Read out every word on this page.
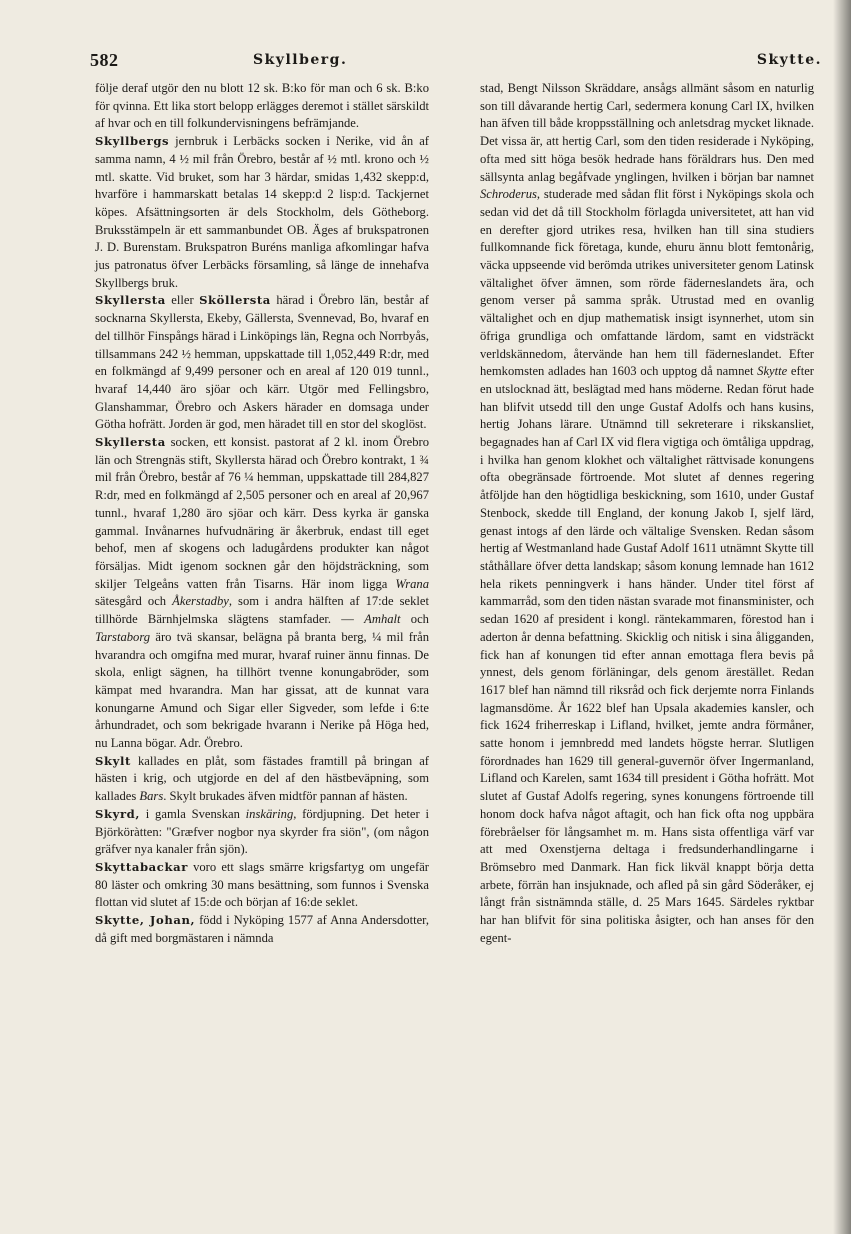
582	Skyllberg.	Skytte.

följe deraf utgör den nu blott 12 sk. B:ko för man och 6 sk. B:ko för qvinna. Ett lika stort belopp erlägges deremot i stället särskildt af hvar och en till folkundervisningens befrämjande.

Skyllbergs jernbruk i Lerbäcks socken i Nerike, vid ån af samma namn, 4 ½ mil från Örebro, består af ½ mtl. krono och ½ mtl. skatte. Vid bruket, som har 3 härdar, smidas 1,432 skepp:d, hvarföre i hammarskatt betalas 14 skepp:d 2 lisp:d. Tackjernet köpes. Afsättningsorten är dels Stockholm, dels Götheborg. Bruksstämpeln är ett sammanbundet OB. Äges af brukspatronen J. D. Burenstam. Brukspatron Buréns manliga afkomlingar hafva jus patronatus öfver Lerbäcks församling, så länge de innehafva Skyllbergs bruk.

Skyllersta eller Sköllersta härad i Örebro län, består af socknarna Skyllersta, Ekeby, Gällersta, Svennevad, Bo, hvaraf en del tillhör Finspångs härad i Linköpings län, Regna och Norrbyås, tillsammans 242 ½ hemman, uppskattade till 1,052,449 R:dr, med en folkmängd af 9,499 personer och en areal af 120 019 tunnl., hvaraf 14,440 äro sjöar och kärr. Utgör med Fellingsbro, Glanshammar, Örebro och Askers härader en domsaga under Götha hofrätt. Jorden är god, men häradet till en stor del skoglöst.

Skyllersta socken, ett konsist. pastorat af 2 kl. inom Örebro län och Strengnäs stift, Skyllersta härad och Örebro kontrakt, 1 ¾ mil från Örebro, består af 76 ¼ hemman, uppskattade till 284,827 R:dr, med en folkmängd af 2,505 personer och en areal af 20,967 tunnl., hvaraf 1,280 äro sjöar och kärr. Dess kyrka är ganska gammal. Invånarnes hufvudnäring är åkerbruk, endast till eget behof, men af skogens och ladugårdens produkter kan något försäljas. Midt igenom socknen går den höjdsträckning, som skiljer Telgeåns vatten från Tisarns. Här inom ligga Wrana sätesgård och Åkerstadby, som i andra hälften af 17:de seklet tillhörde Bärnhjelmska slägtens stamfader. — Amhalt och Tarstaborg äro tvä skansar, belägna på branta berg, ¼ mil från hvarandra och omgifna med murar, hvaraf ruiner ännu finnas. De skola, enligt sägnen, ha tillhört tvenne konungabröder, som kämpat med hvarandra. Man har gissat, att de kunnat vara konungarne Amund och Sigar eller Sigveder, som lefde i 6:te århundradet, och som bekrigade hvarann i Nerike på Höga hed, nu Lanna bögar. Adr. Örebro.

Skylt kallades en plåt, som fästades framtill på bringan af hästen i krig, och utgjorde en del af den hästbeväpning, som kallades Bars. Skylt brukades äfven midtför pannan af hästen.

Skyrd, i gamla Svenskan inskäring, fördjupning. Det heter i Björköràtten: "Græfver nogbor nya skyrder fra siön", (om någon gräfver nya kanaler från sjön).

Skyttabackar voro ett slags smärre krigsfartyg om ungefär 80 läster och omkring 30 mans besättning, som funnos i Svenska flottan vid slutet af 15:de och början af 16:de seklet.

Skytte, Johan, född i Nyköping 1577 af Anna Andersdotter, då gift med borgmästaren i nämnda

stad, Bengt Nilsson Skräddare, ansågs allmänt såsom en naturlig son till dåvarande hertig Carl, sedermera konung Carl IX, hvilken han äfven till både kroppsställning och anletsdrag mycket liknade. Det vissa är, att hertig Carl, som den tiden residerade i Nyköping, ofta med sitt höga besök hedrade hans föräldrars hus. Den med sällsynta anlag begåfvade ynglingen, hvilken i början bar namnet Schroderus, studerade med sådan flit först i Nyköpings skola och sedan vid det då till Stockholm förlagda universitetet, att han vid en derefter gjord utrikes resa, hvilken han till sina studiers fullkomnande fick företaga, kunde, ehuru ännu blott femtonårig, väcka uppseende vid berömda utrikes universiteter genom Latinsk vältalighet öfver ämnen, som rörde fäderneslandets ära, och genom verser på samma språk. Utrustad med en ovanlig vältalighet och en djup mathematisk insigt isynnerhet, utom sin öfriga grundliga och omfattande lärdom, samt en vidsträckt verldskännedom, återvände han hem till fäderneslandet. Efter hemkomsten adlades han 1603 och upptog då namnet Skytte efter en utslocknad ätt, beslägtad med hans möderne. Redan förut hade han blifvit utsedd till den unge Gustaf Adolfs och hans kusins, hertig Johans lärare. Utnämnd till sekreterare i rikskansliet, begagnades han af Carl IX vid flera vigtiga och ömtåliga uppdrag, i hvilka han genom klokhet och vältalighet rättvisade konungens ofta obegränsade förtroende. Mot slutet af dennes regering åtföljde han den högtidliga beskickning, som 1610, under Gustaf Stenbock, skedde till England, der konung Jakob I, sjelf lärd, genast intogs af den lärde och vältalige Svensken. Redan såsom hertig af Westmanland hade Gustaf Adolf 1611 utnämnt Skytte till ståthållare öfver detta landskap; såsom konung lemnade han 1612 hela rikets penningverk i hans händer. Under titel först af kammarråd, som den tiden nästan svarade mot finansminister, och sedan 1620 af president i kongl. räntekammaren, förestod han i aderton år denna befattning. Skicklig och nitisk i sina åligganden, fick han af konungen tid efter annan emottaga flera bevis på ynnest, dels genom förläningar, dels genom ärestället. Redan 1617 blef han nämnd till riksråd och fick derjemte norra Finlands lagmansdöme. År 1622 blef han Upsala akademies kansler, och fick 1624 friherreskap i Lifland, hvilket, jemte andra förmåner, satte honom i jemnbredd med landets högste herrar. Slutligen förordnades han 1629 till general-guvernör öfver Ingermanland, Lifland och Karelen, samt 1634 till president i Götha hofrätt. Mot slutet af Gustaf Adolfs regering, synes konungens förtroende till honom dock hafva något aftagit, och han fick ofta nog uppbära förebråelser för långsamhet m. m. Hans sista offentliga värf var att med Oxenstjerna deltaga i fredsunderhandlingarne i Brömsebro med Danmark. Han fick likväl knappt börja detta arbete, förrän han insjuknade, och afled på sin gård Söderåker, ej långt från sistnämnda ställe, d. 25 Mars 1645. Särdeles ryktbar har han blifvit för sina politiska åsigter, och han anses för den egent-
